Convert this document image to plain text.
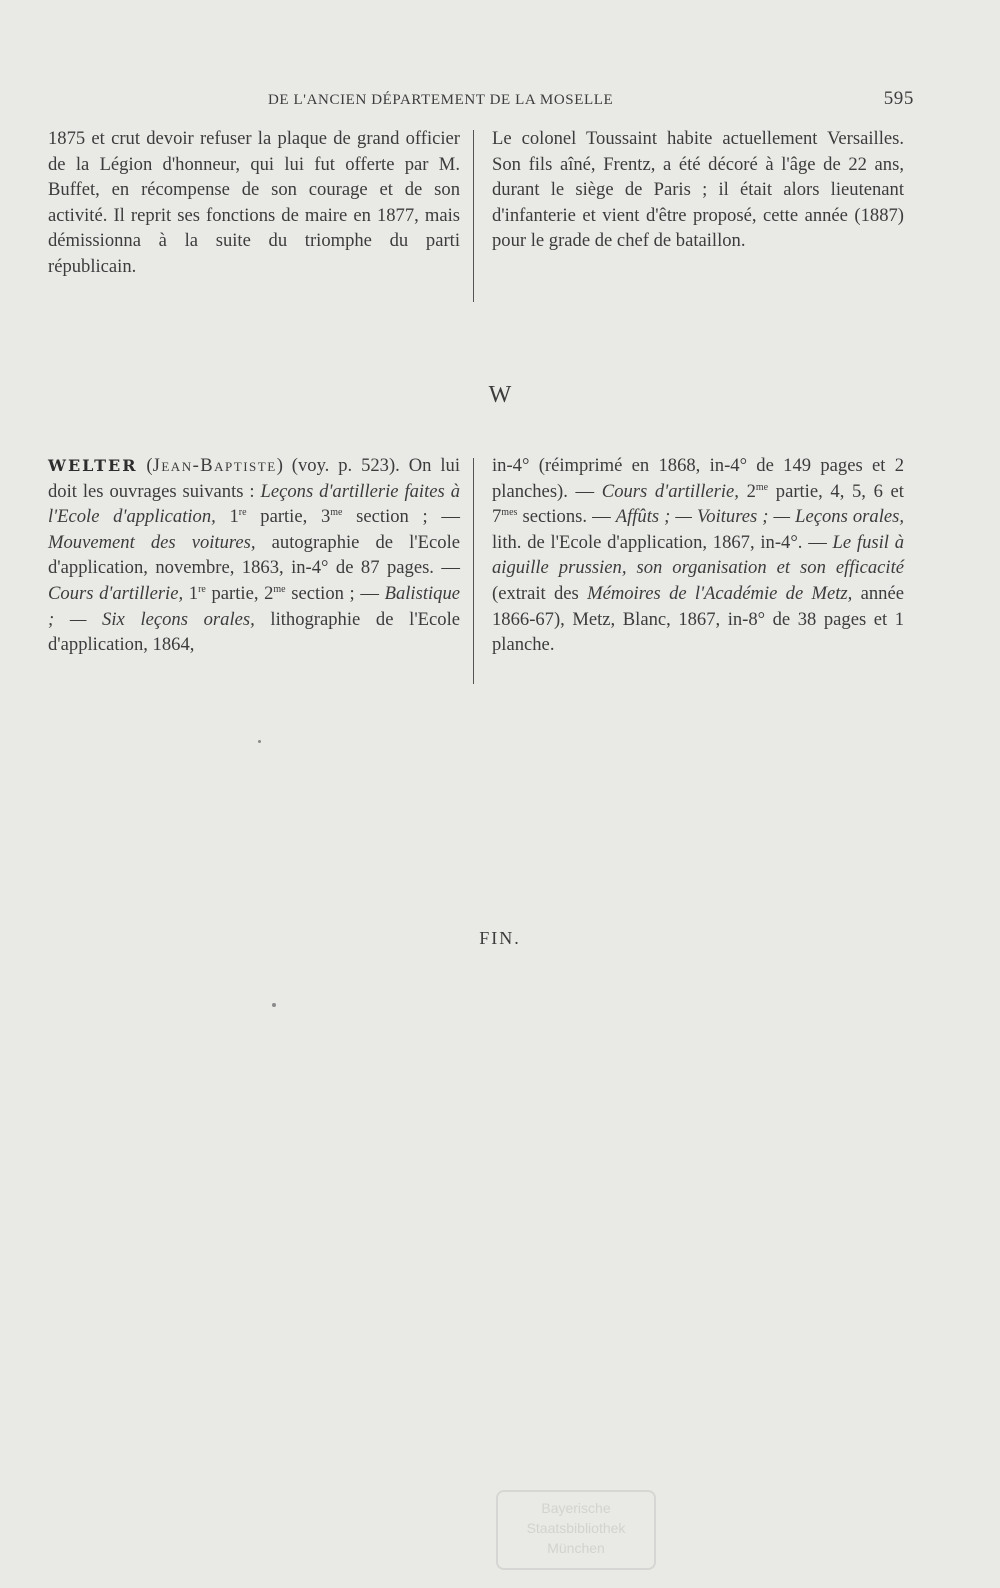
DE L'ANCIEN DÉPARTEMENT DE LA MOSELLE	595

1875 et crut devoir refuser la plaque de grand officier de la Légion d'honneur, qui lui fut offerte par M. Buffet, en récompense de son courage et de son activité. Il reprit ses fonctions de maire en 1877, mais démissionna à la suite du triomphe du parti républicain.

Le colonel Toussaint habite actuellement Versailles. Son fils aîné, Frentz, a été décoré à l'âge de 22 ans, durant le siège de Paris ; il était alors lieutenant d'infanterie et vient d'être proposé, cette année (1887) pour le grade de chef de bataillon.

W

WELTER (Jean-Baptiste) (voy. p. 523). On lui doit les ouvrages suivants : Leçons d'artillerie faites à l'Ecole d'application, 1re partie, $3^{me}$ section ; — Mouvement des voitures, autographie de l'Ecole d'application, novembre, 1863, in-4° de 87 pages. — Cours d'artillerie, 1re partie, $2^{me}$ section ; — Balistique ; — Six leçons orales, lithographie de l'Ecole d'application, 1864,

in-4° (réimprimé en 1868, in-4° de 149 pages et 2 planches). — Cours d'artillerie, $2^{me}$ partie, 4, 5, 6 et $7^{mes}$ sections. — Affûts ; — Voitures ; — Leçons orales, lith. de l'Ecole d'application, 1867, in-4°. — Le fusil à aiguille prussien, son organisation et son efficacité (extrait des Mémoires de l'Académie de Metz, année 1866-67), Metz, Blanc, 1867, in-8° de 38 pages et 1 planche.

FIN.
Bayerische
Staatsbibliothek
München
